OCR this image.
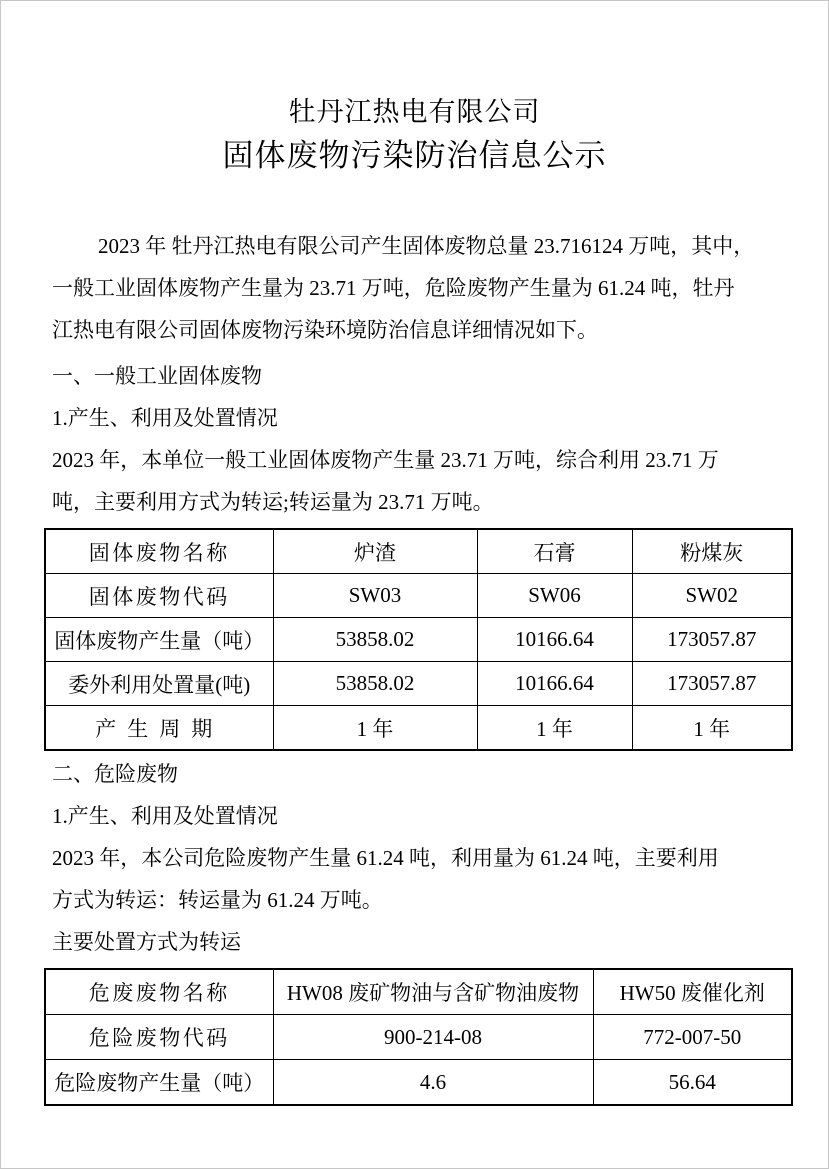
牡丹江热电有限公司
固体废物污染防治信息公示
2023 年 牡丹江热电有限公司产生固体废物总量 23.716124 万吨，其中，
一般工业固体废物产生量为 23.71 万吨，危险废物产生量为 61.24 吨，牡丹
江热电有限公司固体废物污染环境防治信息详细情况如下。
一、一般工业固体废物
1.产生、利用及处置情况
2023 年，本单位一般工业固体废物产生量 23.71 万吨，综合利用 23.71 万
吨，主要利用方式为转运;转运量为 23.71 万吨。
固体废物名称	炉渣	石膏	粉煤灰
固体废物代码	SW03	SW06	SW02
固体废物产生量（吨）	53858.02	10166.64	173057.87
委外利用处置量(吨)	53858.02	10166.64	173057.87
产生周期	1 年	1 年	1 年
二、危险废物
1.产生、利用及处置情况
2023 年，本公司危险废物产生量 61.24 吨，利用量为 61.24 吨，主要利用
方式为转运：转运量为 61.24 万吨。
主要处置方式为转运
危废废物名称	HW08 废矿物油与含矿物油废物	HW50 废催化剂
危险废物代码	900-214-08	772-007-50
危险废物产生量（吨）	4.6	56.64
